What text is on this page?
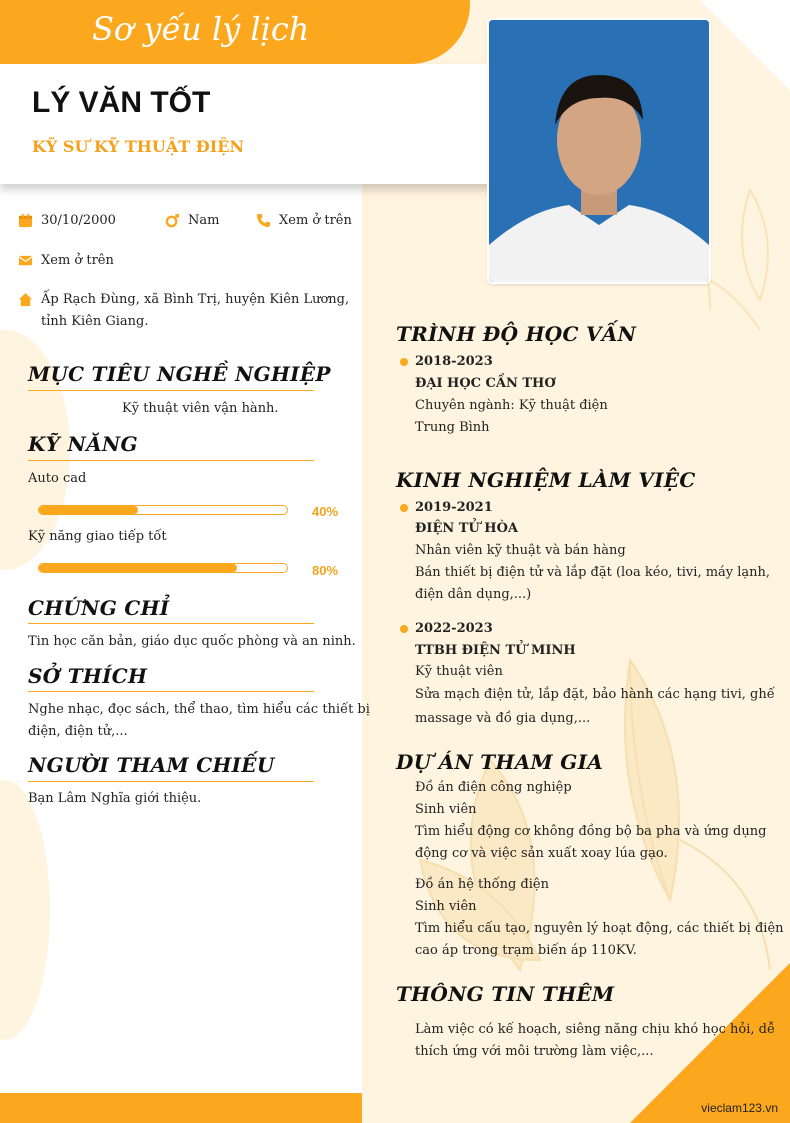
Sơ yếu lý lịch
LÝ VĂN TỐT
KỸ SƯ KỸ THUẬT ĐIỆN
30/10/2000	Nam	Xem ở trên
Xem ở trên
Ấp Rạch Đùng, xã Bình Trị, huyện Kiên Lương,
tỉnh Kiên Giang.
MỤC TIÊU NGHỀ NGHIỆP
Kỹ thuật viên vận hành.
KỸ NĂNG
Auto cad
40%
Kỹ năng giao tiếp tốt
80%
CHỨNG CHỈ
Tin học căn bản, giáo dục quốc phòng và an ninh.
SỞ THÍCH
Nghe nhạc, đọc sách, thể thao, tìm hiểu các thiết bị
điện, điện tử,...
NGƯỜI THAM CHIẾU
Bạn Lâm Nghĩa giới thiệu.
TRÌNH ĐỘ HỌC VẤN
2018-2023
ĐẠI HỌC CẦN THƠ
Chuyên ngành: Kỹ thuật điện
Trung Bình
KINH NGHIỆM LÀM VIỆC
2019-2021
ĐIỆN TỬ HÒA
Nhân viên kỹ thuật và bán hàng
Bán thiết bị điện tử và lắp đặt (loa kéo, tivi, máy lạnh,
điện dân dụng,...)
2022-2023
TTBH ĐIỆN TỬ MINH
Kỹ thuật viên
Sửa mạch điện tử, lắp đặt, bảo hành các hạng tivi, ghế
massage và đồ gia dụng,...
DỰ ÁN THAM GIA
Đồ án điện công nghiệp
Sinh viên
Tìm hiểu động cơ không đồng bộ ba pha và ứng dụng
động cơ và việc sản xuất xoay lúa gạo.
Đồ án hệ thống điện
Sinh viên
Tìm hiểu cấu tạo, nguyên lý hoạt động, các thiết bị điện
cao áp trong trạm biến áp 110KV.
THÔNG TIN THÊM
Làm việc có kế hoạch, siêng năng chịu khó học hỏi, dễ
thích ứng với môi trường làm việc,...
vieclam123.vn
